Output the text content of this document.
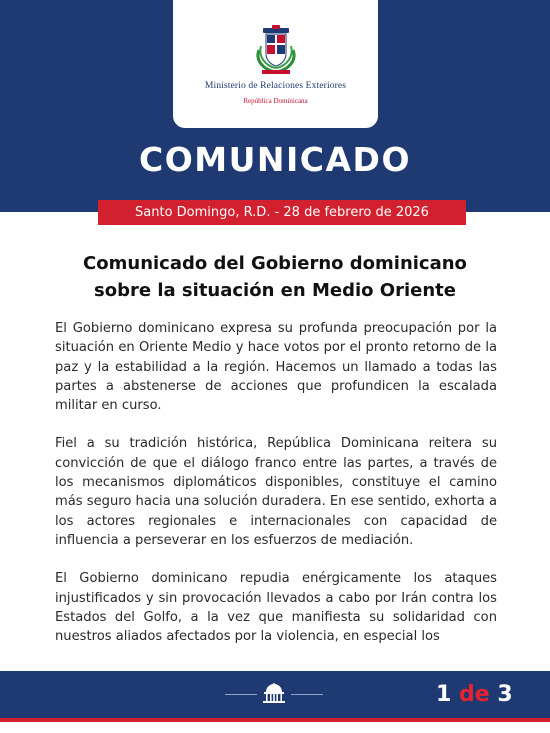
Ministerio de Relaciones Exteriores
República Dominicana
COMUNICADO
Santo Domingo, R.D. - 28 de febrero de 2026
Comunicado del Gobierno dominicano
sobre la situación en Medio Oriente

El Gobierno dominicano expresa su profunda preocupación por la situación en Oriente Medio y hace votos por el pronto retorno de la paz y la estabilidad a la región. Hacemos un llamado a todas las partes a abstenerse de acciones que profundicen la escalada militar en curso.

Fiel a su tradición histórica, República Dominicana reitera su convicción de que el diálogo franco entre las partes, a través de los mecanismos diplomáticos disponibles, constituye el camino más seguro hacia una solución duradera. En ese sentido, exhorta a los actores regionales e internacionales con capacidad de influencia a perseverar en los esfuerzos de mediación.

El Gobierno dominicano repudia enérgicamente los ataques injustificados y sin provocación llevados a cabo por Irán contra los Estados del Golfo, a la vez que manifiesta su solidaridad con nuestros aliados afectados por la violencia, en especial los

1 de 3
